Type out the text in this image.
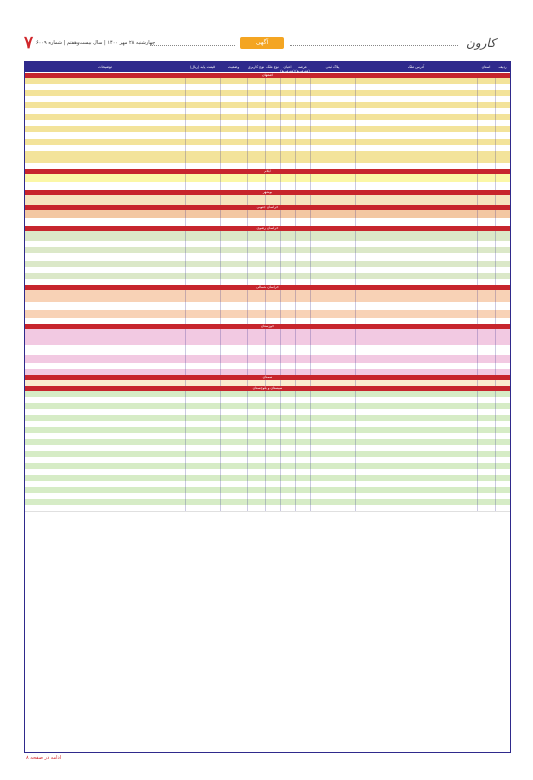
کارون
۷ چهارشنبه ۲۸ مهر ۱۴۰۰ | سال بیست‌وهفتم | شماره ۶۰۰۹	آگهی
ردیف
استان
آدرس ملک
پلاک ثبتی
عرصه (مترمربع)
اعیان (مترمربع)
نوع ملک
نوع کاربری
وضعیت
قیمت پایه (ریال)
توضیحات
اصفهان
ایلام
بوشهر
خراسان جنوبی
خراسان رضوی
خراسان شمالی
خوزستان
سمنان
سیستان و بلوچستان
ادامه در صفحه ۸
